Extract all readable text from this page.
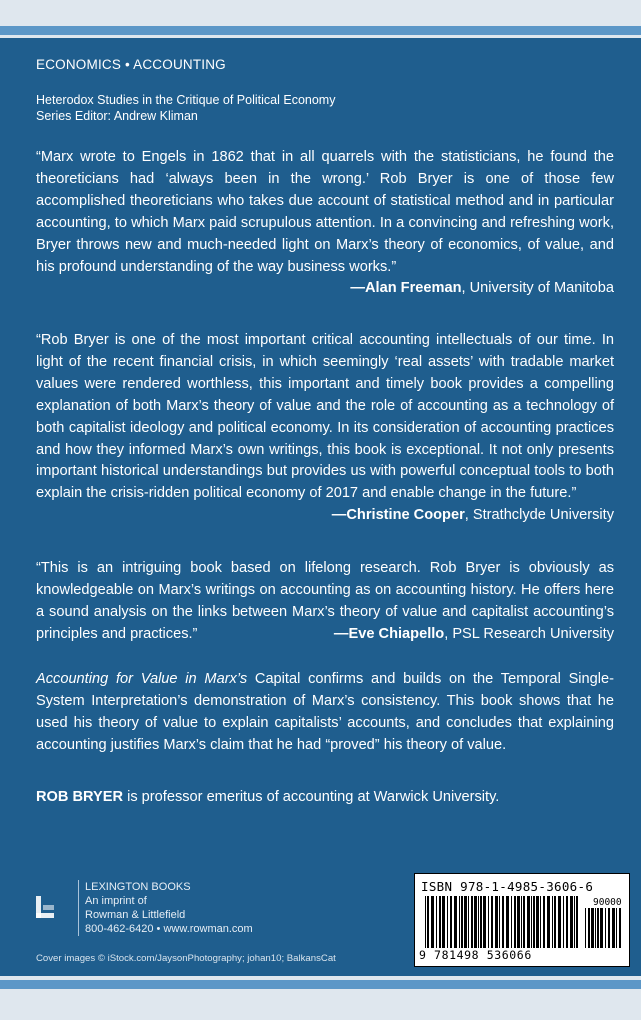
ECONOMICS • ACCOUNTING
Heterodox Studies in the Critique of Political Economy
Series Editor: Andrew Kliman
“Marx wrote to Engels in 1862 that in all quarrels with the statisticians, he found the theoreticians had ‘always been in the wrong.’ Rob Bryer is one of those few accomplished theoreticians who takes due account of statistical method and in particular accounting, to which Marx paid scrupulous attention. In a convincing and refreshing work, Bryer throws new and much-needed light on Marx’s theory of economics, of value, and his profound understanding of the way business works.”
—Alan Freeman, University of Manitoba
“Rob Bryer is one of the most important critical accounting intellectuals of our time. In light of the recent financial crisis, in which seemingly ‘real assets’ with tradable market values were rendered worthless, this important and timely book provides a compelling explanation of both Marx’s theory of value and the role of accounting as a technology of both capitalist ideology and political economy. In its consideration of accounting practices and how they informed Marx’s own writings, this book is exceptional. It not only presents important historical understandings but provides us with powerful conceptual tools to both explain the crisis-ridden political economy of 2017 and enable change in the future.”
—Christine Cooper, Strathclyde University
“This is an intriguing book based on lifelong research. Rob Bryer is obviously as knowledgeable on Marx’s writings on accounting as on accounting history. He offers here a sound analysis on the links between Marx’s theory of value and capitalist accounting’s principles and practices.”	—Eve Chiapello, PSL Research University
Accounting for Value in Marx’s Capital confirms and builds on the Temporal Single-System Interpretation’s demonstration of Marx’s consistency. This book shows that he used his theory of value to explain capitalists’ accounts, and concludes that explaining accounting justifies Marx’s claim that he had “proved” his theory of value.
ROB BRYER is professor emeritus of accounting at Warwick University.
LEXINGTON BOOKS
An imprint of
Rowman & Littlefield
800-462-6420 • www.rowman.com
Cover images © iStock.com/JaysonPhotography; johan10; BalkansCat
ISBN 978-1-4985-3606-6
90000
9 781498 536066
